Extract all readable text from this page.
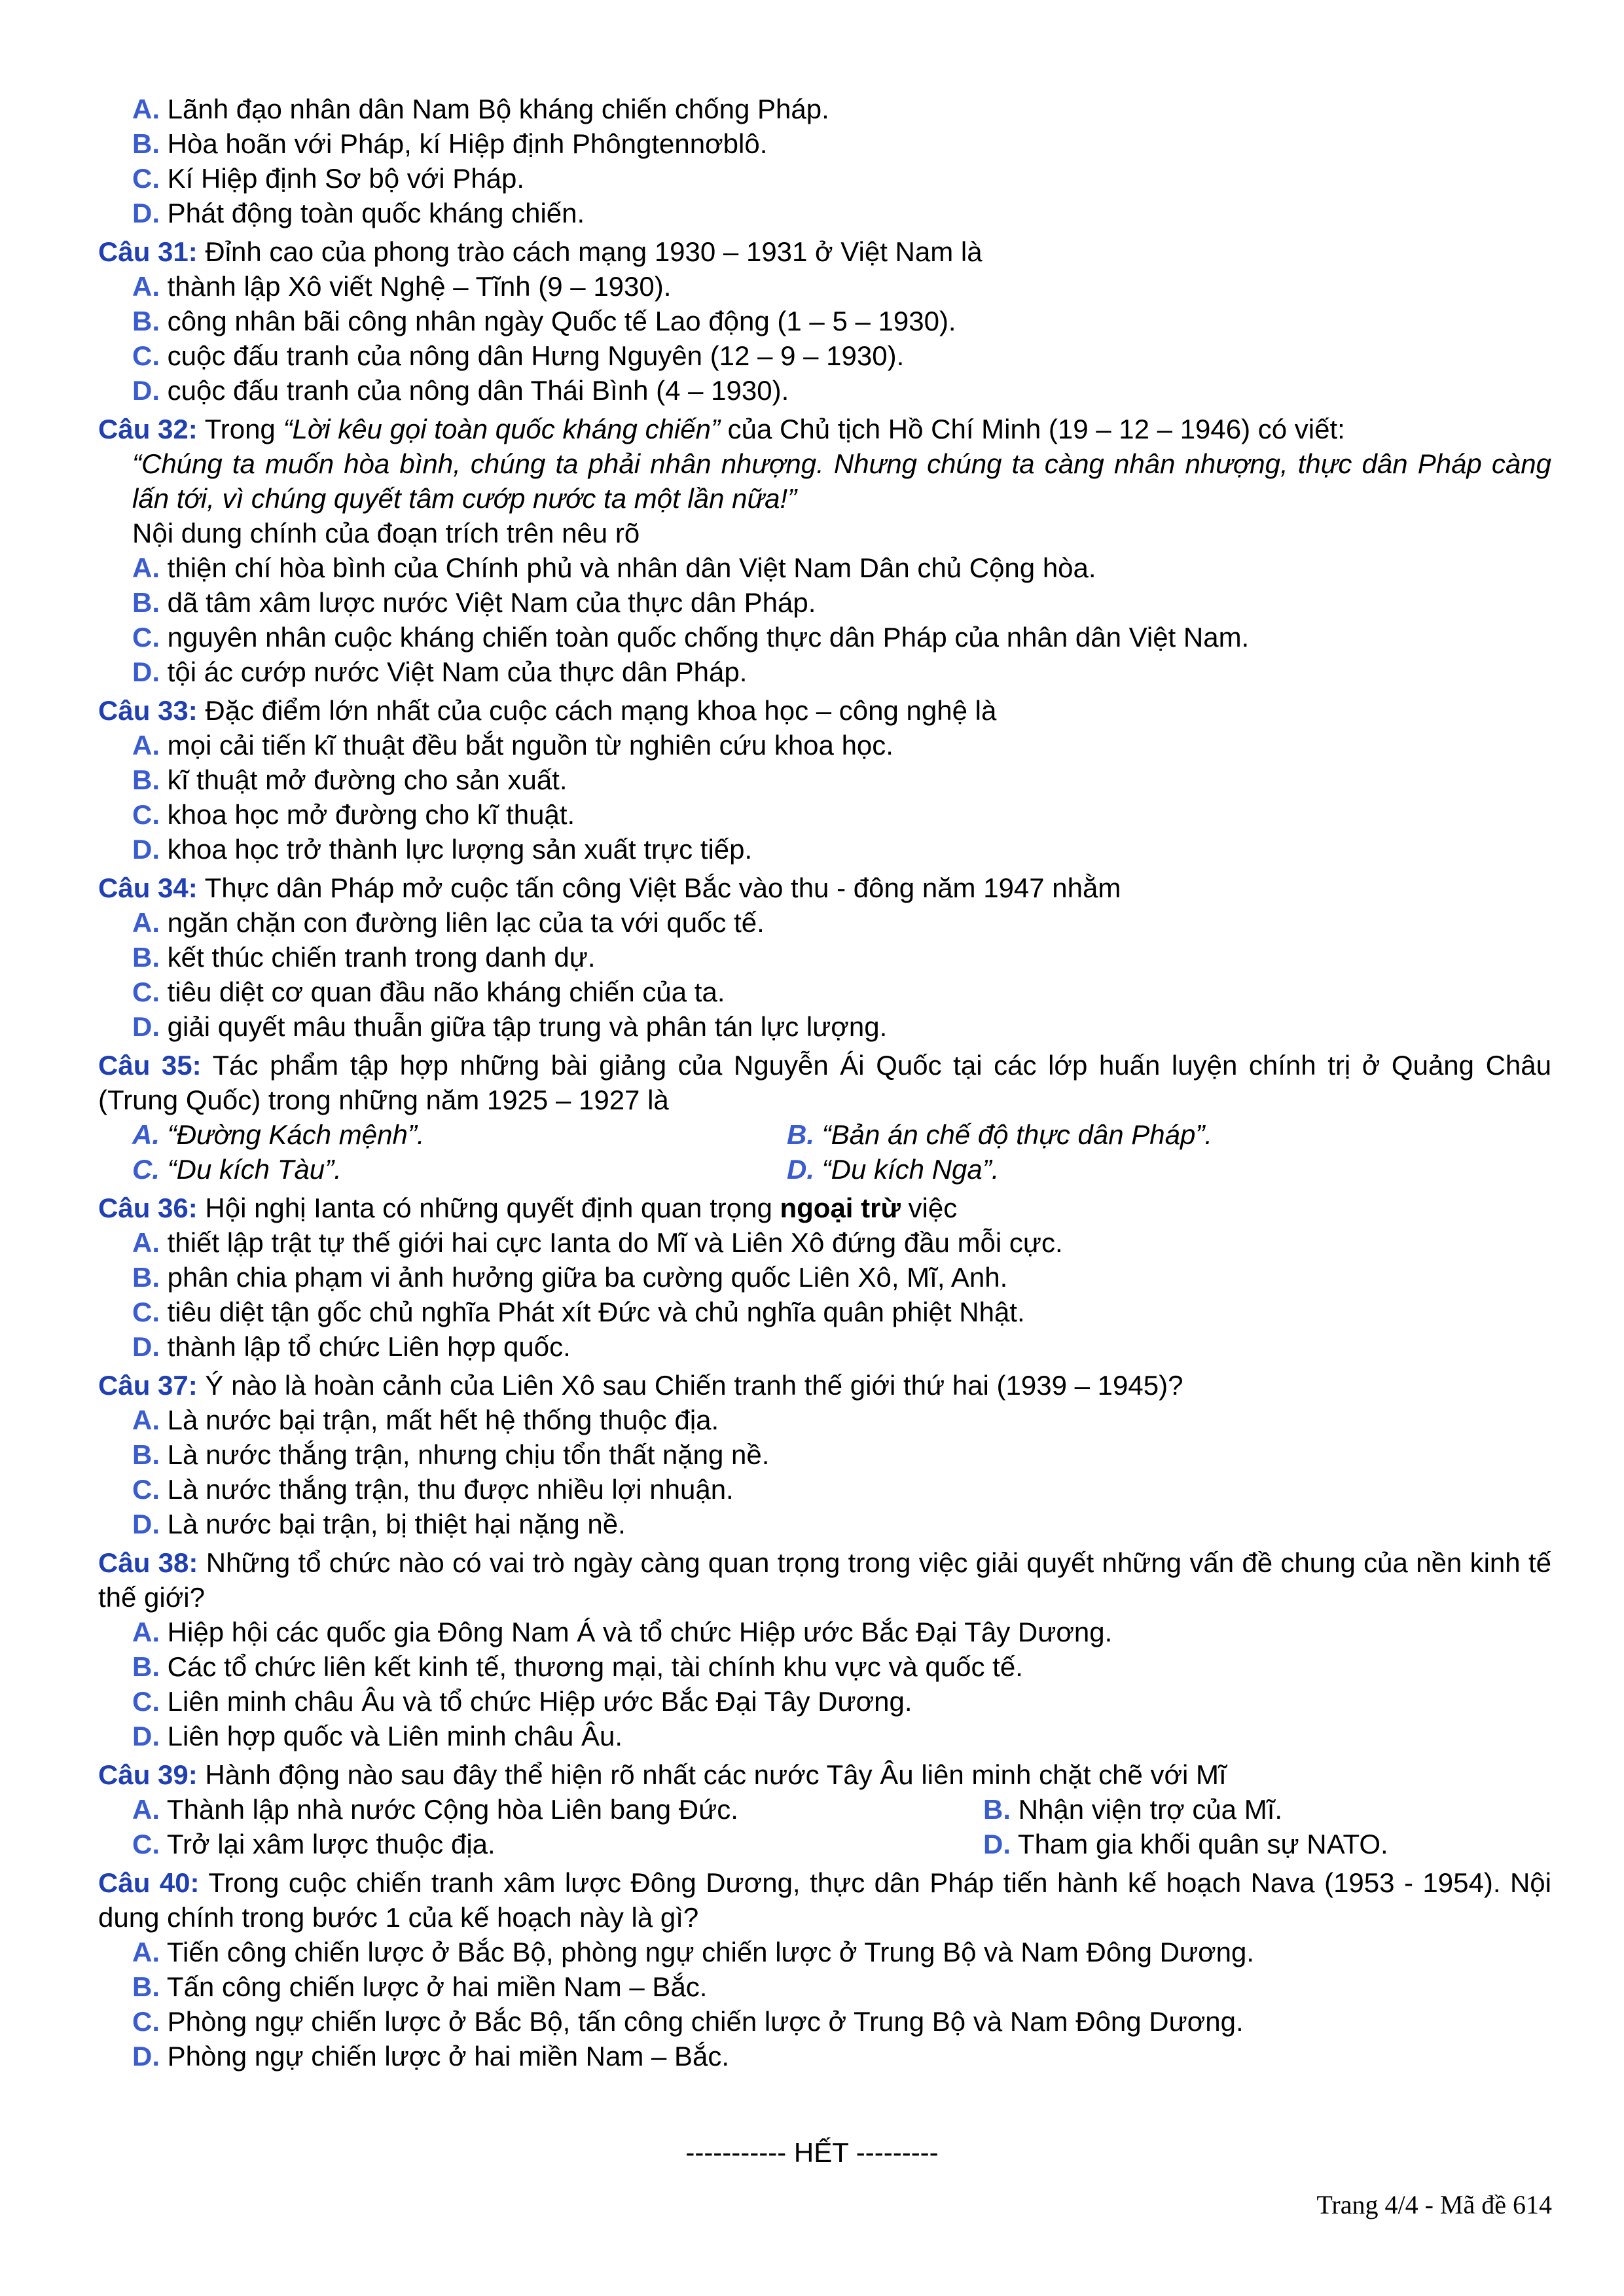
A. Lãnh đạo nhân dân Nam Bộ kháng chiến chống Pháp.
B. Hòa hoãn với Pháp, kí Hiệp định Phôngtennơblô.
C. Kí Hiệp định Sơ bộ với Pháp.
D. Phát động toàn quốc kháng chiến.
Câu 31: Đỉnh cao của phong trào cách mạng 1930 – 1931 ở Việt Nam là
A. thành lập Xô viết Nghệ – Tĩnh (9 – 1930).
B. công nhân bãi công nhân ngày Quốc tế Lao động (1 – 5 – 1930).
C. cuộc đấu tranh của nông dân Hưng Nguyên (12 – 9 – 1930).
D. cuộc đấu tranh của nông dân Thái Bình (4 – 1930).
Câu 32: Trong “Lời kêu gọi toàn quốc kháng chiến” của Chủ tịch Hồ Chí Minh (19 – 12 – 1946) có viết:
“Chúng ta muốn hòa bình, chúng ta phải nhân nhượng. Nhưng chúng ta càng nhân nhượng, thực dân Pháp càng lấn tới, vì chúng quyết tâm cướp nước ta một lần nữa!”
Nội dung chính của đoạn trích trên nêu rõ
A. thiện chí hòa bình của Chính phủ và nhân dân Việt Nam Dân chủ Cộng hòa.
B. dã tâm xâm lược nước Việt Nam của thực dân Pháp.
C. nguyên nhân cuộc kháng chiến toàn quốc chống thực dân Pháp của nhân dân Việt Nam.
D. tội ác cướp nước Việt Nam của thực dân Pháp.
Câu 33: Đặc điểm lớn nhất của cuộc cách mạng khoa học – công nghệ là
A. mọi cải tiến kĩ thuật đều bắt nguồn từ nghiên cứu khoa học.
B. kĩ thuật mở đường cho sản xuất.
C. khoa học mở đường cho kĩ thuật.
D. khoa học trở thành lực lượng sản xuất trực tiếp.
Câu 34: Thực dân Pháp mở cuộc tấn công Việt Bắc vào thu - đông năm 1947 nhằm
A. ngăn chặn con đường liên lạc của ta với quốc tế.
B. kết thúc chiến tranh trong danh dự.
C. tiêu diệt cơ quan đầu não kháng chiến của ta.
D. giải quyết mâu thuẫn giữa tập trung và phân tán lực lượng.
Câu 35: Tác phẩm tập hợp những bài giảng của Nguyễn Ái Quốc tại các lớp huấn luyện chính trị ở Quảng Châu (Trung Quốc) trong những năm 1925 – 1927 là
A. “Đường Kách mệnh”.	B. “Bản án chế độ thực dân Pháp”.
C. “Du kích Tàu”.	D. “Du kích Nga”.
Câu 36: Hội nghị Ianta có những quyết định quan trọng ngoại trừ việc
A. thiết lập trật tự thế giới hai cực Ianta do Mĩ và Liên Xô đứng đầu mỗi cực.
B. phân chia phạm vi ảnh hưởng giữa ba cường quốc Liên Xô, Mĩ, Anh.
C. tiêu diệt tận gốc chủ nghĩa Phát xít Đức và chủ nghĩa quân phiệt Nhật.
D. thành lập tổ chức Liên hợp quốc.
Câu 37: Ý nào là hoàn cảnh của Liên Xô sau Chiến tranh thế giới thứ hai (1939 – 1945)?
A. Là nước bại trận, mất hết hệ thống thuộc địa.
B. Là nước thắng trận, nhưng chịu tổn thất nặng nề.
C. Là nước thắng trận, thu được nhiều lợi nhuận.
D. Là nước bại trận, bị thiệt hại nặng nề.
Câu 38: Những tổ chức nào có vai trò ngày càng quan trọng trong việc giải quyết những vấn đề chung của nền kinh tế thế giới?
A. Hiệp hội các quốc gia Đông Nam Á và tổ chức Hiệp ước Bắc Đại Tây Dương.
B. Các tổ chức liên kết kinh tế, thương mại, tài chính khu vực và quốc tế.
C. Liên minh châu Âu và tổ chức Hiệp ước Bắc Đại Tây Dương.
D. Liên hợp quốc và Liên minh châu Âu.
Câu 39: Hành động nào sau đây thể hiện rõ nhất các nước Tây Âu liên minh chặt chẽ với Mĩ
A. Thành lập nhà nước Cộng hòa Liên bang Đức.	B. Nhận viện trợ của Mĩ.
C. Trở lại xâm lược thuộc địa.	D. Tham gia khối quân sự NATO.
Câu 40: Trong cuộc chiến tranh xâm lược Đông Dương, thực dân Pháp tiến hành kế hoạch Nava (1953 - 1954). Nội dung chính trong bước 1 của kế hoạch này là gì?
A. Tiến công chiến lược ở Bắc Bộ, phòng ngự chiến lược ở Trung Bộ và Nam Đông Dương.
B. Tấn công chiến lược ở hai miền Nam – Bắc.
C. Phòng ngự chiến lược ở Bắc Bộ, tấn công chiến lược ở Trung Bộ và Nam Đông Dương.
D. Phòng ngự chiến lược ở hai miền Nam – Bắc.
----------- HẾT ---------
Trang 4/4 - Mã đề 614
